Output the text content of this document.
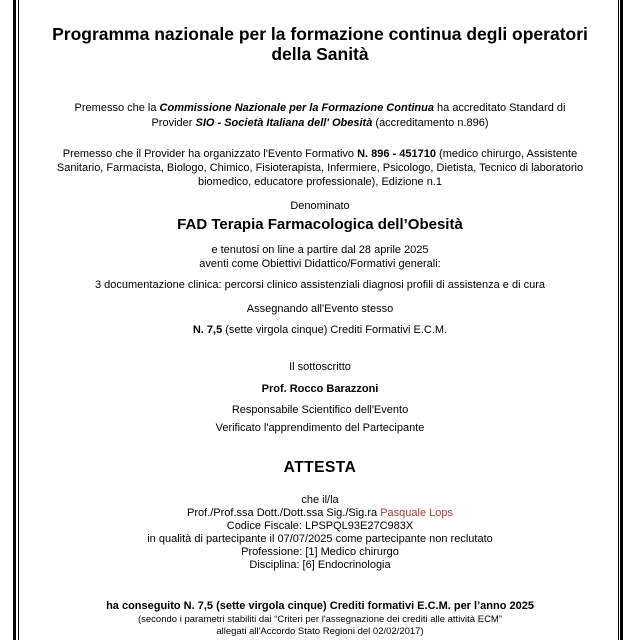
Programma nazionale per la formazione continua degli operatori della Sanità
Premesso che la Commissione Nazionale per la Formazione Continua ha accreditato Standard di Provider SIO - Società Italiana dell' Obesità (accreditamento n.896)
Premesso che il Provider ha organizzato l'Evento Formativo N. 896 - 451710 (medico chirurgo, Assistente Sanitario, Farmacista, Biologo, Chimico, Fisioterapista, Infermiere, Psicologo, Dietista, Tecnico di laboratorio biomedico, educatore professionale), Edizione n.1
Denominato
FAD Terapia Farmacologica dell’Obesità
e tenutosi on line a partire dal 28 aprile 2025
aventi come Obiettivi Didattico/Formativi generali:
3 documentazione clinica: percorsi clinico assistenziali diagnosi profili di assistenza e di cura
Assegnando all'Evento stesso
N. 7,5 (sette virgola cinque) Crediti Formativi E.C.M.
Il sottoscritto
Prof. Rocco Barazzoni
Responsabile Scientifico dell'Evento
Verificato l'apprendimento del Partecipante
ATTESTA
che il/la
Prof./Prof.ssa Dott./Dott.ssa Sig./Sig.ra Pasquale Lops
Codice Fiscale: LPSPQL93E27C983X
in qualità di partecipante il 07/07/2025 come partecipante non reclutato
Professione: [1] Medico chirurgo
Disciplina: [6] Endocrinologia
ha conseguito N. 7,5 (sette virgola cinque) Crediti formativi E.C.M. per l’anno 2025
(secondo i parametri stabiliti dai “Criteri per l'assegnazione dei crediti alle attività ECM”
allegati all'Accordo Stato Regioni del 02/02/2017)
